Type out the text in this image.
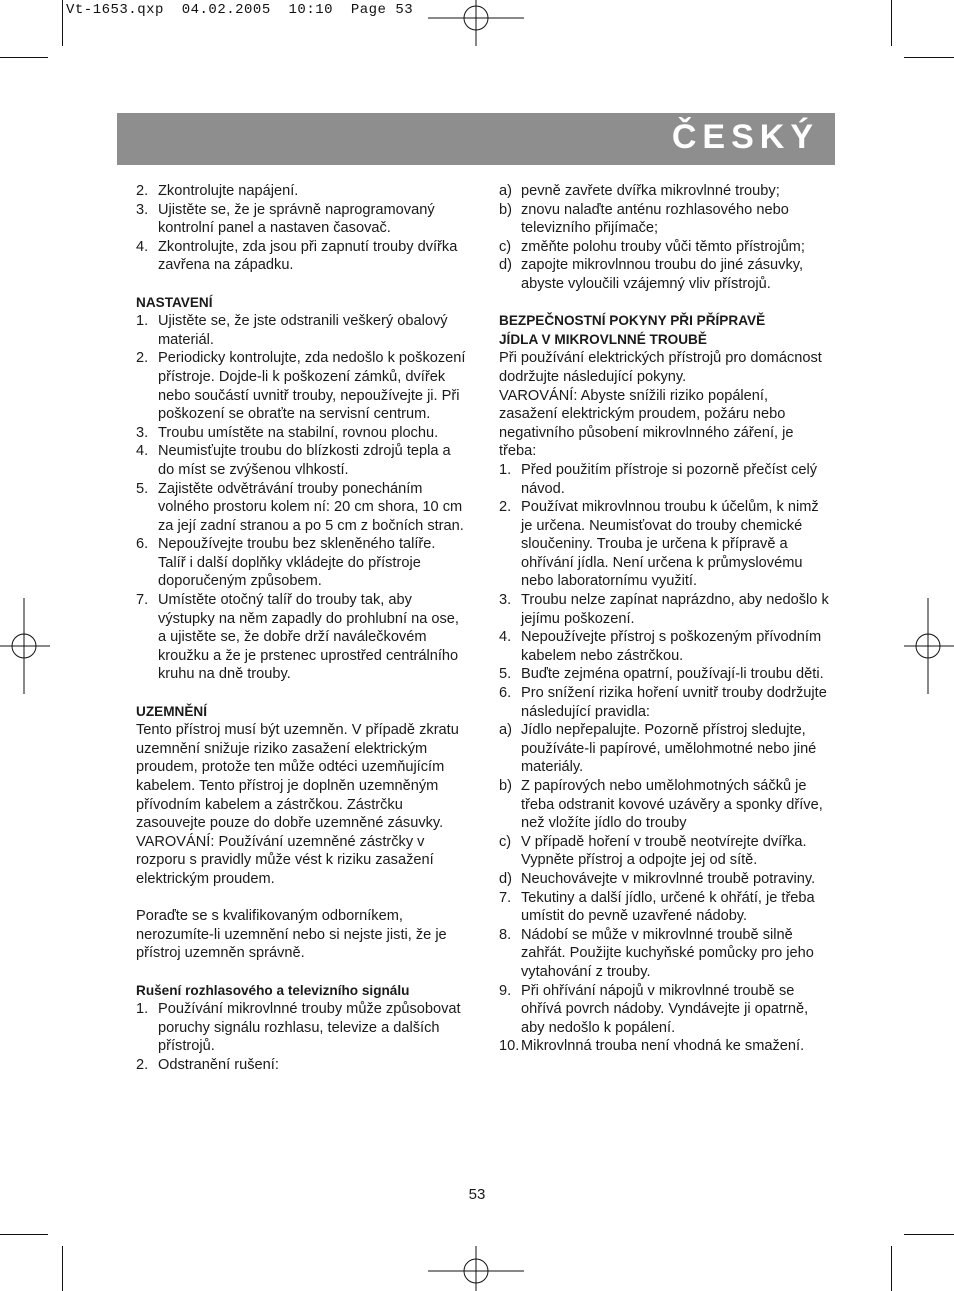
Vt-1653.qxp  04.02.2005  10:10  Page 53
ČESKÝ

2. Zkontrolujte napájení.

3. Ujistěte se, že je správně naprogramovaný kontrolní panel a nastaven časovač.

4. Zkontrolujte, zda jsou při zapnutí trouby dvířka zavřena na západku.

NASTAVENÍ

1. Ujistěte se, že jste odstranili veškerý obalový materiál.

2. Periodicky kontrolujte, zda nedošlo k poškození přístroje. Dojde-li k poškození zámků, dvířek nebo součástí uvnitř trouby, nepoužívejte ji. Při poškození se obraťte na servisní centrum.

3. Troubu umístěte na stabilní, rovnou plochu.

4. Neumisťujte troubu do blízkosti zdrojů tepla a do míst se zvýšenou vlhkostí.

5. Zajistěte odvětrávání trouby ponecháním volného prostoru kolem ní: 20 cm shora, 10 cm za její zadní stranou a po 5 cm z bočních stran.

6. Nepoužívejte troubu bez skleněného talíře. Talíř i další doplňky vkládejte do přístroje doporučeným způsobem.

7. Umístěte otočný talíř do trouby tak, aby výstupky na něm zapadly do prohlubní na ose, a ujistěte se, že dobře drží naválečkovém kroužku a že je prstenec uprostřed centrálního kruhu na dně trouby.

UZEMNĚNÍ

Tento přístroj musí být uzemněn. V případě zkratu uzemnění snižuje riziko zasažení elektrickým proudem, protože ten může odtéci uzemňujícím kabelem. Tento přístroj je doplněn uzemněným přívodním kabelem a zástrčkou. Zástrčku zasouvejte pouze do dobře uzemněné zásuvky.

VAROVÁNÍ: Používání uzemněné zástrčky v rozporu s pravidly může vést k riziku zasažení elektrickým proudem.

Poraďte se s kvalifikovaným odborníkem, nerozumíte-li uzemnění nebo si nejste jisti, že je přístroj uzemněn správně.

Rušení rozhlasového a televizního signálu

1. Používání mikrovlnné trouby může způsobovat poruchy signálu rozhlasu, televize a dalších přístrojů.

2. Odstranění rušení:

a) pevně zavřete dvířka mikrovlnné trouby;

b) znovu nalaďte anténu rozhlasového nebo televizního přijímače;

c) změňte polohu trouby vůči těmto přístrojům;

d) zapojte mikrovlnnou troubu do jiné zásuvky, abyste vyloučili vzájemný vliv přístrojů.

BEZPEČNOSTNÍ POKYNY PŘI PŘÍPRAVĚ

JÍDLA V MIKROVLNNÉ TROUBĚ

Při používání elektrických přístrojů pro domácnost dodržujte následující pokyny.

VAROVÁNÍ: Abyste snížili riziko popálení, zasažení elektrickým proudem, požáru nebo negativního působení mikrovlnného záření, je třeba:

1. Před použitím přístroje si pozorně přečíst celý návod.

2. Používat mikrovlnnou troubu k účelům, k nimž je určena. Neumisťovat do trouby chemické sloučeniny. Trouba je určena k přípravě a ohřívání jídla. Není určena k průmyslovému nebo laboratornímu využití.

3. Troubu nelze zapínat naprázdno, aby nedošlo k jejímu poškození.

4. Nepoužívejte přístroj s poškozeným přívodním kabelem nebo zástrčkou.

5. Buďte zejména opatrní, používají-li troubu děti.

6. Pro snížení rizika hoření uvnitř trouby dodržujte následující pravidla:

a) Jídlo nepřepalujte. Pozorně přístroj sledujte, používáte-li papírové, umělohmotné nebo jiné materiály.

b) Z papírových nebo umělohmotných sáčků je třeba odstranit kovové uzávěry a sponky dříve, než vložíte jídlo do trouby

c) V případě hoření v troubě neotvírejte dvířka. Vypněte přístroj a odpojte jej od sítě.

d) Neuchovávejte v mikrovlnné troubě potraviny.

7. Tekutiny a další jídlo, určené k ohřátí, je třeba umístit do pevně uzavřené nádoby.

8. Nádobí se může v mikrovlnné troubě silně zahřát. Použijte kuchyňské pomůcky pro jeho vytahování z trouby.

9. Při ohřívání nápojů v mikrovlnné troubě se ohřívá povrch nádoby. Vyndávejte ji opatrně, aby nedošlo k popálení.

10. Mikrovlnná trouba není vhodná ke smažení.

53
